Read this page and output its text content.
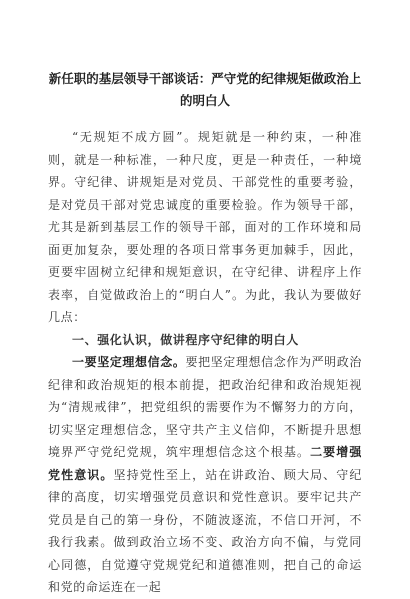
新任职的基层领导干部谈话：严守党的纪律规矩做政治上
的明白人

“无规矩不成方圆”。规矩就是一种约束，一种准则，就是一种标准，一种尺度，更是一种责任，一种境界。守纪律、讲规矩是对党员、干部党性的重要考验，是对党员干部对党忠诚度的重要检验。作为领导干部，尤其是新到基层工作的领导干部，面对的工作环境和局面更加复杂，要处理的各项日常事务更加棘手，因此，更要牢固树立纪律和规矩意识，在守纪律、讲程序上作表率，自觉做政治上的“明白人”。为此，我认为要做好几点：

一、强化认识，做讲程序守纪律的明白人

一要坚定理想信念。要把坚定理想信念作为严明政治纪律和政治规矩的根本前提，把政治纪律和政治规矩视为“清规戒律”，把党组织的需要作为不懈努力的方向，切实坚定理想信念，坚守共产主义信仰，不断提升思想境界严守党纪党规，筑牢理想信念这个根基。二要增强党性意识。坚持党性至上，站在讲政治、顾大局、守纪律的高度，切实增强党员意识和党性意识。要牢记共产党员是自己的第一身份，不随波逐流，不信口开河，不我行我素。做到政治立场不变、政治方向不偏，与党同心同德，自觉遵守党规党纪和道德准则，把自己的命运和党的命运连在一起
